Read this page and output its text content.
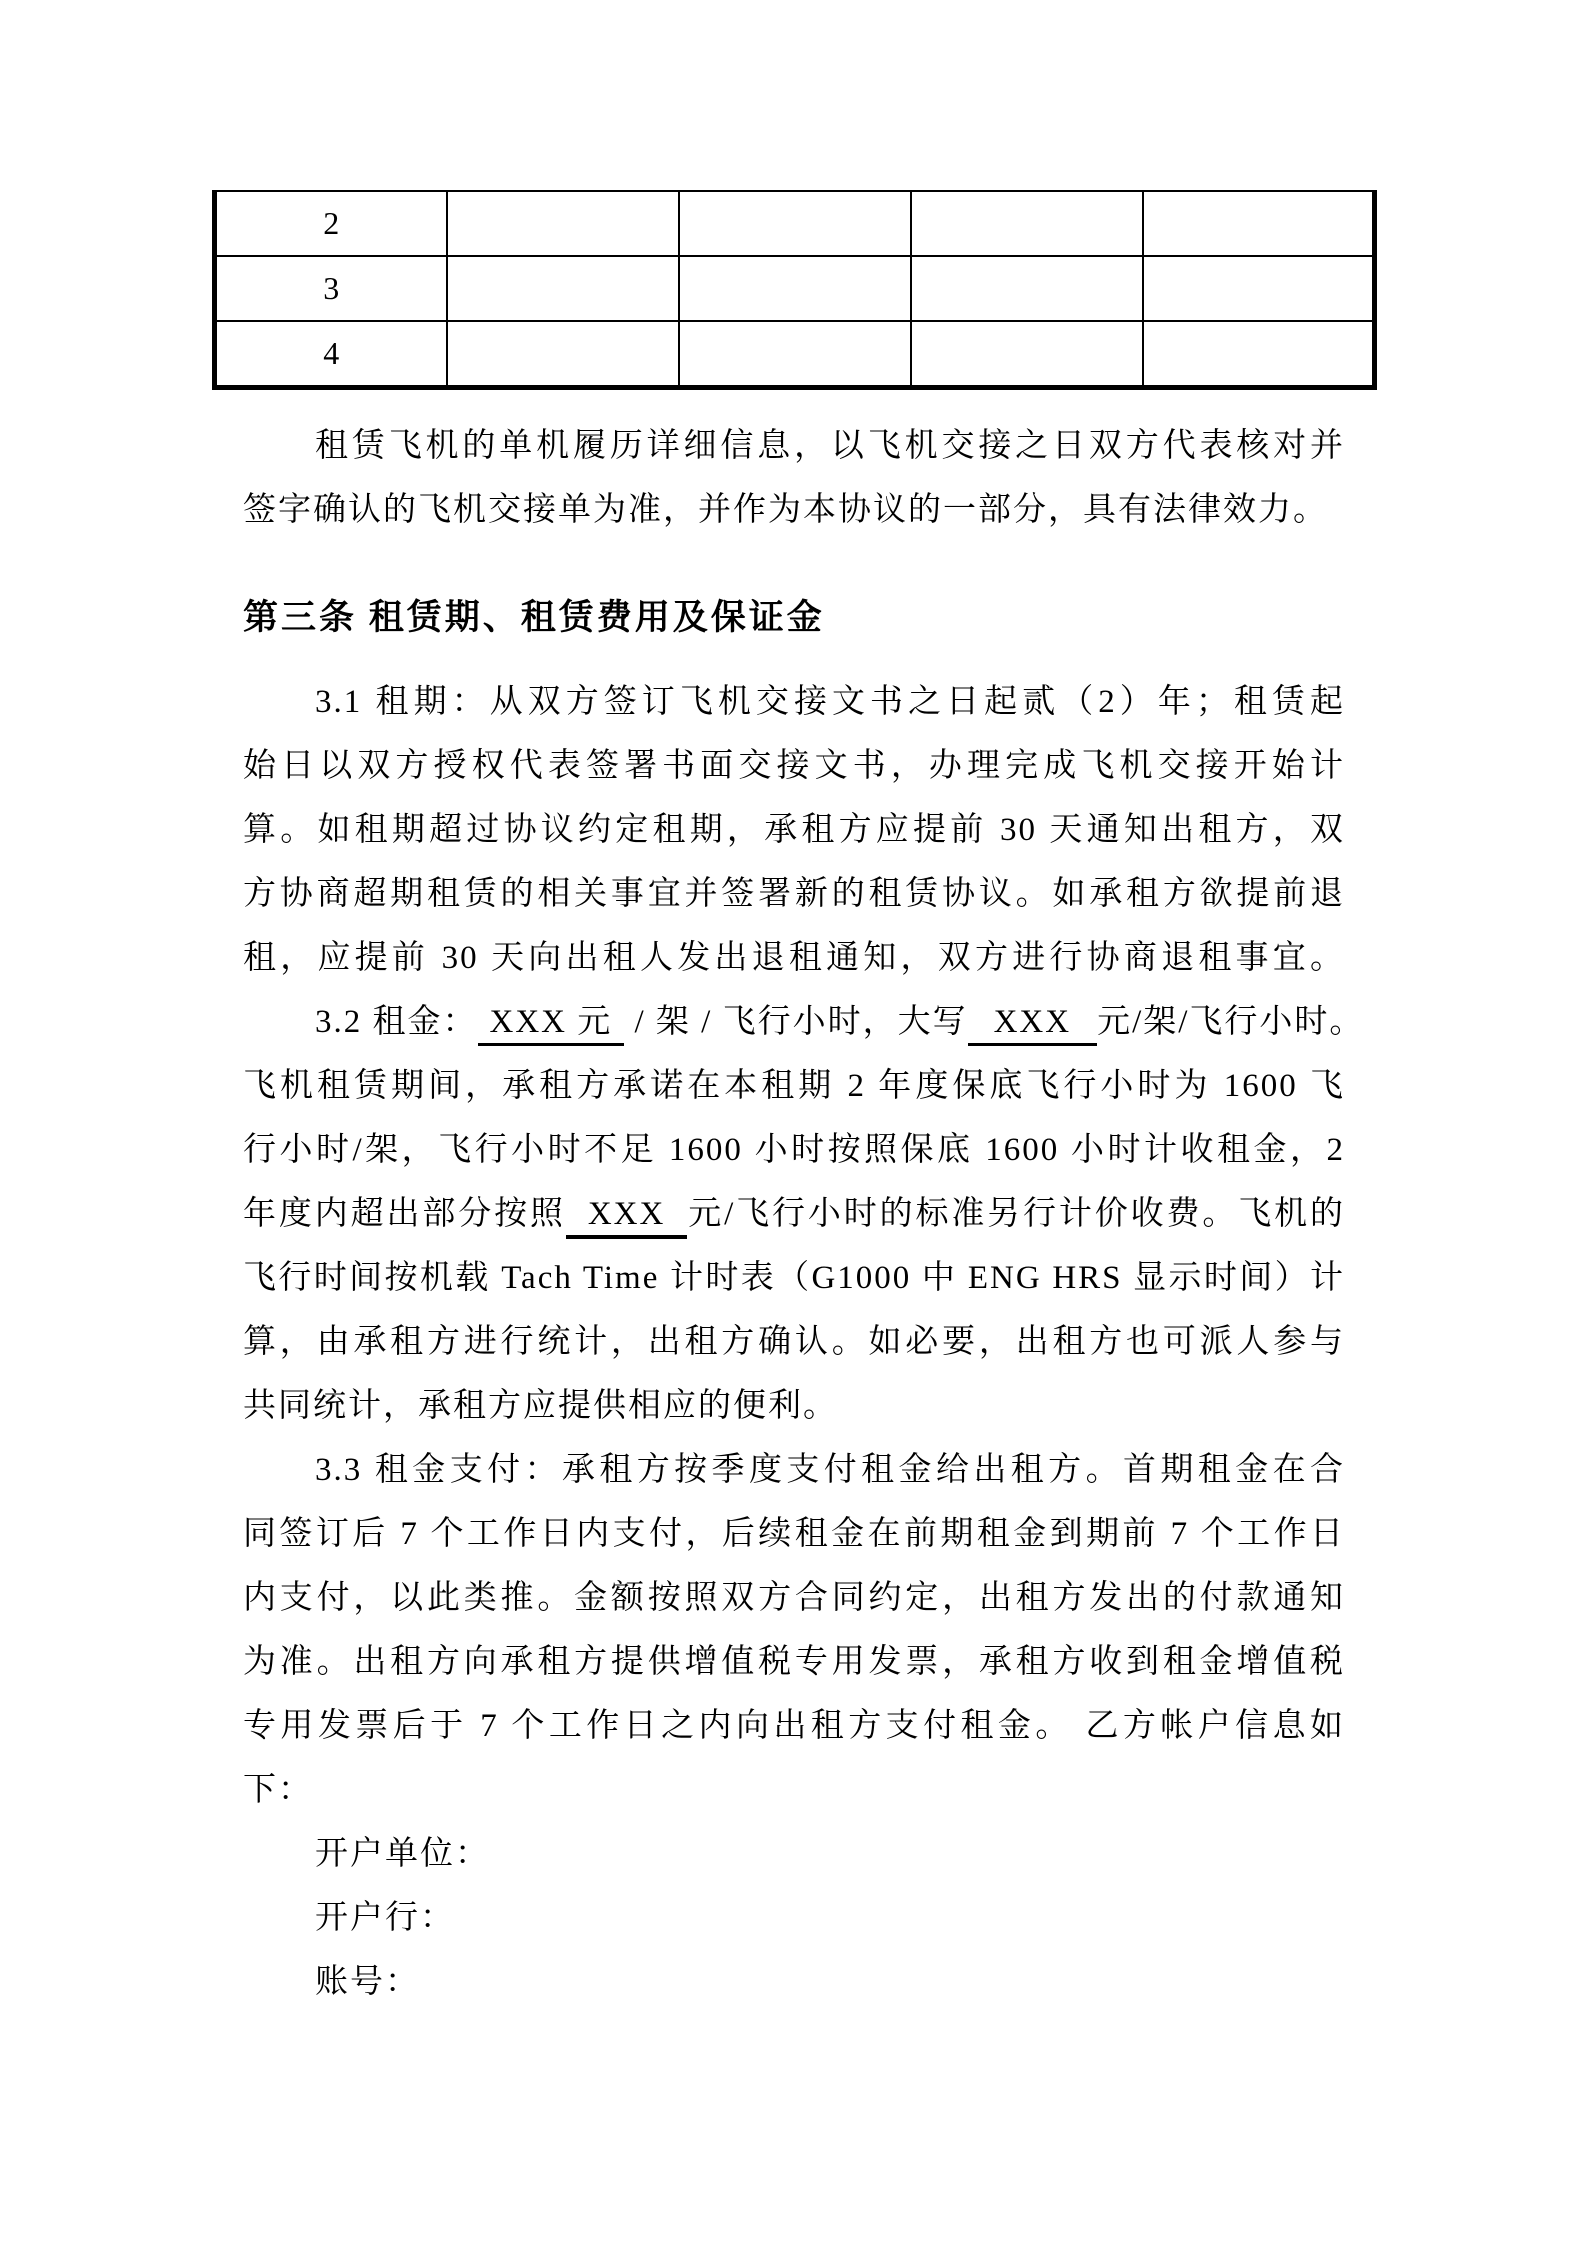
2				
3				
4				
租赁飞机的单机履历详细信息，以飞机交接之日双方代表核对并
签字确认的飞机交接单为准，并作为本协议的一部分，具有法律效力。
第三条 租赁期、租赁费用及保证金
3.1 租期：从双方签订飞机交接文书之日起贰（2）年；租赁起
始日以双方授权代表签署书面交接文书，办理完成飞机交接开始计
算。如租期超过协议约定租期，承租方应提前 30 天通知出租方，双
方协商超期租赁的相关事宜并签署新的租赁协议。如承租方欲提前退
租，应提前 30 天向出租人发出退租通知，双方进行协商退租事宜。
3.2 租金： XXX 元 / 架 / 飞行小时，大写 XXX 元/架/飞行小时。
飞机租赁期间，承租方承诺在本租期 2 年度保底飞行小时为 1600 飞
行小时/架，飞行小时不足 1600 小时按照保底 1600 小时计收租金，2
年度内超出部分按照 XXX 元/飞行小时的标准另行计价收费。飞机的
飞行时间按机载 Tach Time 计时表（G1000 中 ENG HRS 显示时间）计
算，由承租方进行统计，出租方确认。如必要，出租方也可派人参与
共同统计，承租方应提供相应的便利。
3.3 租金支付：承租方按季度支付租金给出租方。首期租金在合
同签订后 7 个工作日内支付，后续租金在前期租金到期前 7 个工作日
内支付，以此类推。金额按照双方合同约定，出租方发出的付款通知
为准。出租方向承租方提供增值税专用发票，承租方收到租金增值税
专用发票后于 7 个工作日之内向出租方支付租金。 乙方帐户信息如
下：
开户单位：
开户行：
账号：
